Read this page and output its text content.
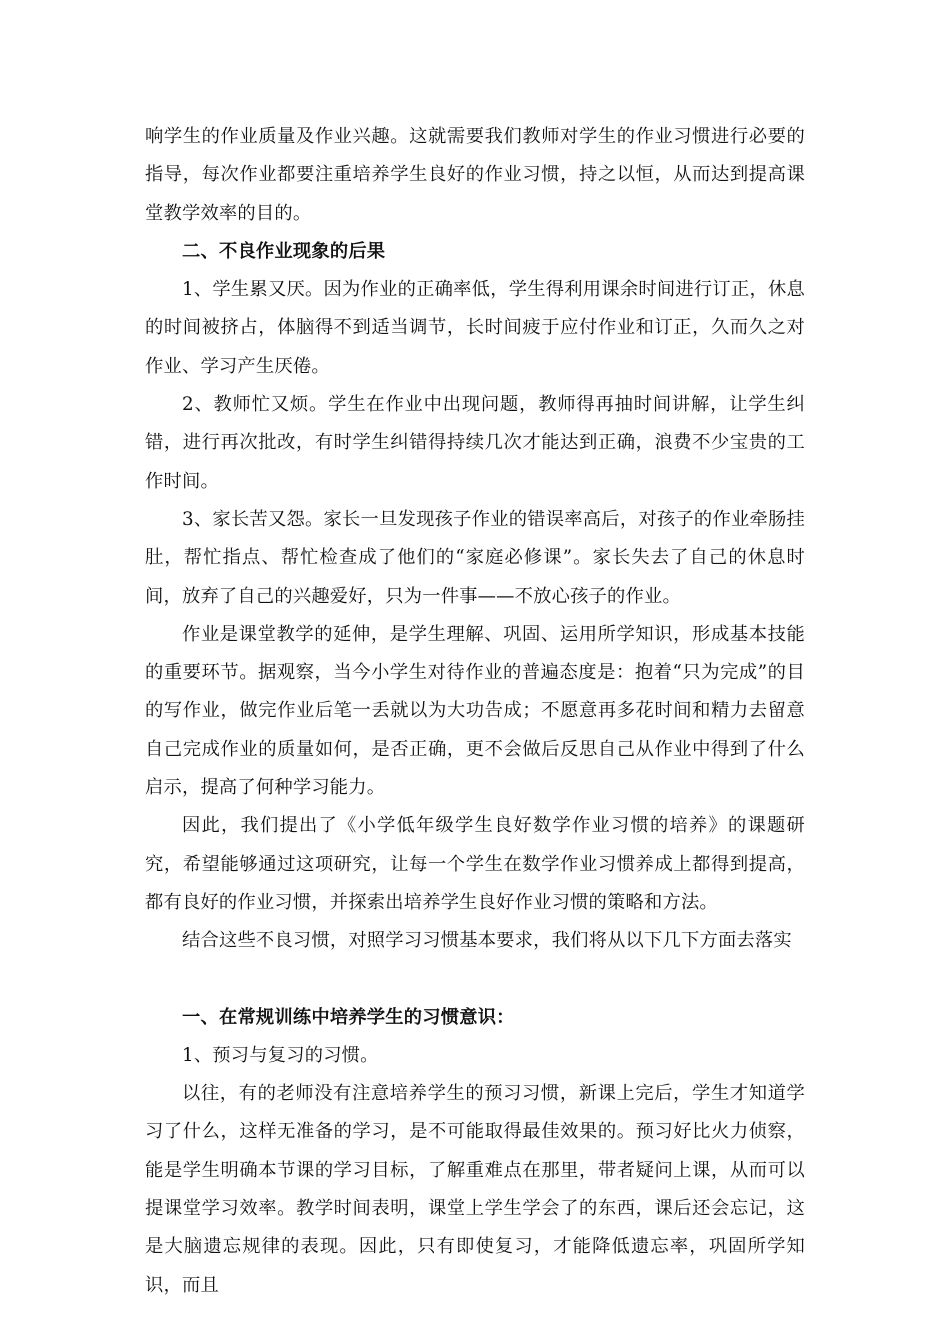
响学生的作业质量及作业兴趣。这就需要我们教师对学生的作业习惯进行必要的指导，每次作业都要注重培养学生良好的作业习惯，持之以恒，从而达到提高课堂教学效率的目的。

二、不良作业现象的后果

1、学生累又厌。因为作业的正确率低，学生得利用课余时间进行订正，休息的时间被挤占，体脑得不到适当调节，长时间疲于应付作业和订正，久而久之对作业、学习产生厌倦。

2、教师忙又烦。学生在作业中出现问题，教师得再抽时间讲解，让学生纠错，进行再次批改，有时学生纠错得持续几次才能达到正确，浪费不少宝贵的工作时间。

3、家长苦又怨。家长一旦发现孩子作业的错误率高后，对孩子的作业牵肠挂肚，帮忙指点、帮忙检查成了他们的“家庭必修课”。家长失去了自己的休息时间，放弃了自己的兴趣爱好，只为一件事——不放心孩子的作业。

作业是课堂教学的延伸，是学生理解、巩固、运用所学知识，形成基本技能的重要环节。据观察，当今小学生对待作业的普遍态度是：抱着“只为完成”的目的写作业，做完作业后笔一丢就以为大功告成；不愿意再多花时间和精力去留意自己完成作业的质量如何，是否正确，更不会做后反思自己从作业中得到了什么启示，提高了何种学习能力。

因此，我们提出了《小学低年级学生良好数学作业习惯的培养》的课题研究，希望能够通过这项研究，让每一个学生在数学作业习惯养成上都得到提高，都有良好的作业习惯，并探索出培养学生良好作业习惯的策略和方法。

结合这些不良习惯，对照学习习惯基本要求，我们将从以下几下方面去落实

一、在常规训练中培养学生的习惯意识：

1、预习与复习的习惯。

以往，有的老师没有注意培养学生的预习习惯，新课上完后，学生才知道学习了什么，这样无准备的学习，是不可能取得最佳效果的。预习好比火力侦察，能是学生明确本节课的学习目标，了解重难点在那里，带者疑问上课，从而可以提课堂学习效率。教学时间表明，课堂上学生学会了的东西，课后还会忘记，这是大脑遗忘规律的表现。因此，只有即使复习，才能降低遗忘率，巩固所学知识，而且
